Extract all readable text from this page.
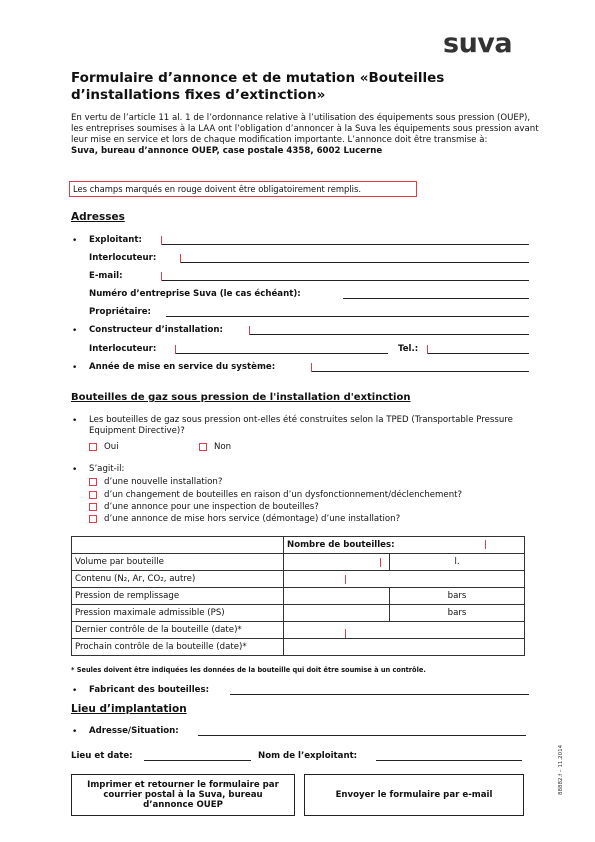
suva
Formulaire d’annonce et de mutation «Bouteilles d’installations fixes d’extinction»
En vertu de l’article 11 al. 1 de l’ordonnance relative à l’utilisation des équipements sous pression (OUEP), les entreprises soumises à la LAA ont l’obligation d’annoncer à la Suva les équipements sous pression avant leur mise en service et lors de chaque modification importante. L’annonce doit être transmise à:
Suva, bureau d’annonce OUEP, case postale 4358, 6002 Lucerne
Les champs marqués en rouge doivent être obligatoirement remplis.
Adresses
• Exploitant:
Interlocuteur:
E-mail:
Numéro d’entreprise Suva (le cas échéant):
Propriétaire:
• Constructeur d’installation:
Interlocuteur:	Tel.:
• Année de mise en service du système:
Bouteilles de gaz sous pression de l'installation d'extinction
• Les bouteilles de gaz sous pression ont-elles été construites selon la TPED (Transportable Pressure Equipment Directive)?
Oui	Non
• S’agit-il:
d’une nouvelle installation?
d’un changement de bouteilles en raison d’un dysfonctionnement/déclenchement?
d’une annonce pour une inspection de bouteilles?
d’une annonce de mise hors service (démontage) d’une installation?
	Nombre de bouteilles:	
Volume par bouteille		l.
Contenu (N₂, Ar, CO₂, autre)		
Pression de remplissage		bars
Pression maximale admissible (PS)		bars
Dernier contrôle de la bouteille (date)*		
Prochain contrôle de la bouteille (date)*		
* Seules doivent être indiquées les données de la bouteille qui doit être soumise à un contrôle.
• Fabricant des bouteilles:
Lieu d’implantation
• Adresse/Situation:
Lieu et date:	Nom de l’exploitant:
Imprimer et retourner le formulaire par courrier postal à la Suva, bureau d’annonce OUEP
Envoyer le formulaire par e-mail	88882.f – 11.2014
